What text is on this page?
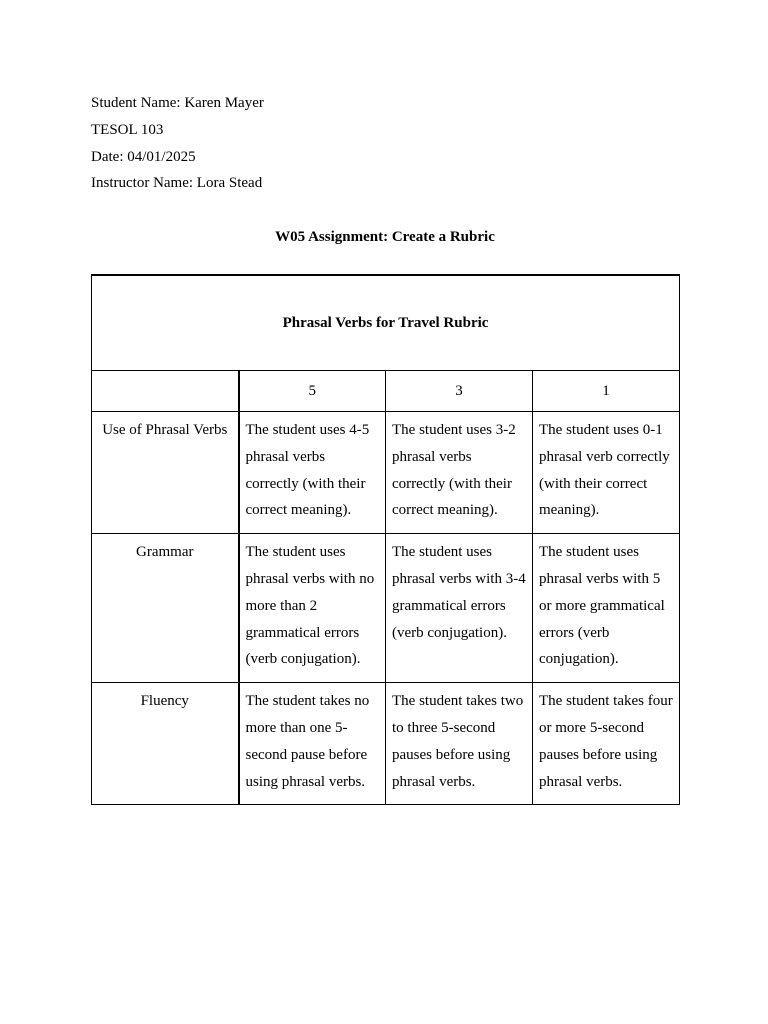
Student Name: Karen Mayer
TESOL 103
Date: 04/01/2025
Instructor Name: Lora Stead
W05 Assignment: Create a Rubric
Phrasal Verbs for Travel Rubric			
	5	3	1
Use of Phrasal Verbs	The student uses 4-5 phrasal verbs correctly (with their correct meaning).	The student uses 3-2 phrasal verbs correctly (with their correct meaning).	The student uses 0-1 phrasal verb correctly (with their correct meaning).
Grammar	The student uses phrasal verbs with no more than 2 grammatical errors (verb conjugation).	The student uses phrasal verbs with 3-4 grammatical errors (verb conjugation).	The student uses phrasal verbs with 5 or more grammatical errors (verb conjugation).
Fluency	The student takes no more than one 5-second pause before using phrasal verbs.	The student takes two to three 5-second pauses before using phrasal verbs.	The student takes four or more 5-second pauses before using phrasal verbs.
